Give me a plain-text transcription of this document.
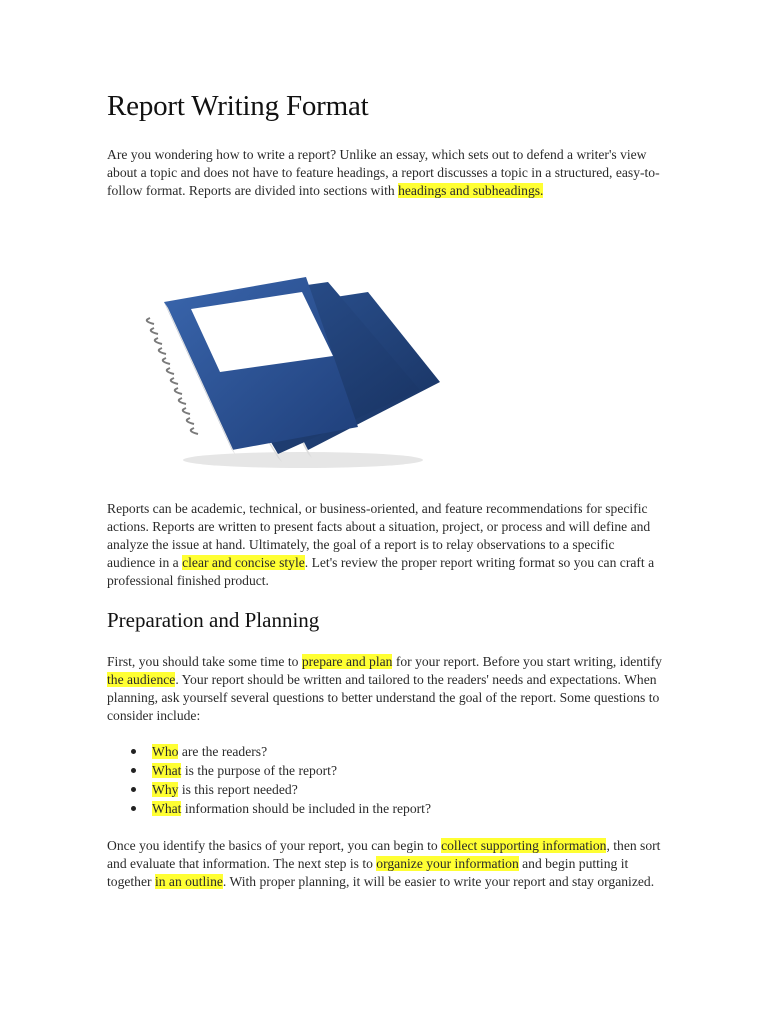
Report Writing Format

Are you wondering how to write a report? Unlike an essay, which sets out to defend a writer's view about a topic and does not have to feature headings, a report discusses a topic in a structured, easy-to-follow format. Reports are divided into sections with headings and subheadings.

Reports can be academic, technical, or business-oriented, and feature recommendations for specific actions. Reports are written to present facts about a situation, project, or process and will define and analyze the issue at hand. Ultimately, the goal of a report is to relay observations to a specific audience in a clear and concise style. Let's review the proper report writing format so you can craft a professional finished product.

Preparation and Planning

First, you should take some time to prepare and plan for your report. Before you start writing, identify the audience. Your report should be written and tailored to the readers' needs and expectations. When planning, ask yourself several questions to better understand the goal of the report. Some questions to consider include:

Who are the readers?
What is the purpose of the report?
Why is this report needed?
What information should be included in the report?

Once you identify the basics of your report, you can begin to collect supporting information, then sort and evaluate that information. The next step is to organize your information and begin putting it together in an outline. With proper planning, it will be easier to write your report and stay organized.
